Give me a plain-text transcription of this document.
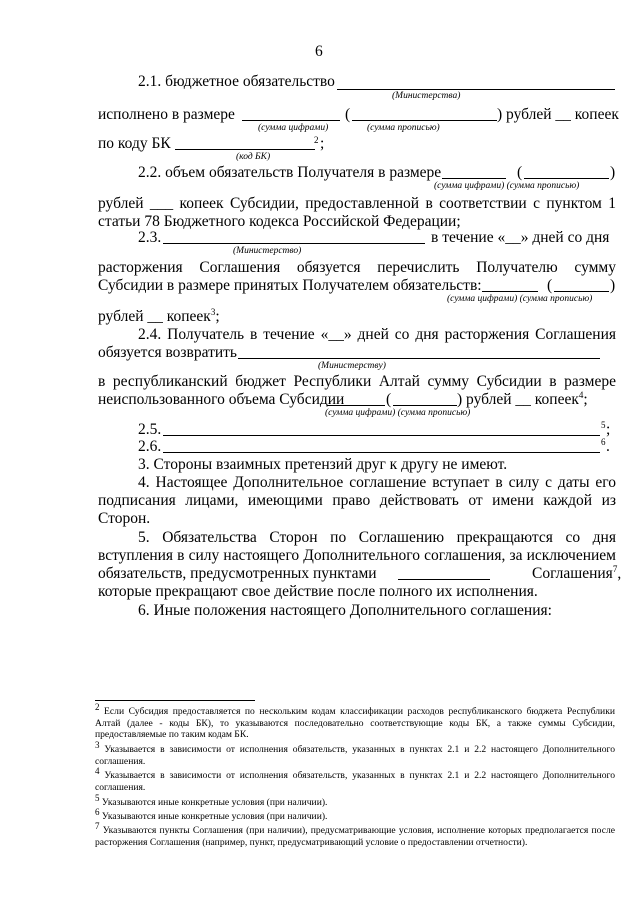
6
2.1. бюджетное обязательство
(Министерства)
исполнено в размере	(	) рублей __ копеек
(сумма цифрами)	(сумма прописью)
по коду БК	2 ;
(код БК)
2.2. объем обязательств Получателя в размере	(	)
(сумма цифрами) (сумма прописью)
рублей ___ копеек Субсидии, предоставленной в соответствии с пунктом 1
статьи 78 Бюджетного кодекса Российской Федерации;
2.3.	в течение «__» дней со дня
(Министерство)
расторжения Соглашения обязуется перечислить Получателю сумму
Субсидии в размере принятых Получателем обязательств:	(	)
(сумма цифрами) (сумма прописью)
рублей __ копеек$^3$;
2.4. Получатель в течение «__» дней со дня расторжения Соглашения
обязуется возвратить
(Министерству)
в республиканский бюджет Республики Алтай сумму Субсидии в размере
неиспользованного объема Субсидии	(	) рублей __ копеек$^4$;
(сумма цифрами) (сумма прописью)
2.5.	5 ;
2.6.	6 .
3. Стороны взаимных претензий друг к другу не имеют.
4. Настоящее Дополнительное соглашение вступает в силу с даты его
подписания лицами, имеющими право действовать от имени каждой из
Сторон.
5. Обязательства Сторон по Соглашению прекращаются со дня
вступления в силу настоящего Дополнительного соглашения, за исключением
обязательств, предусмотренных пунктами	Соглашения$^7$,
которые прекращают свое действие после полного их исполнения.
6. Иные положения настоящего Дополнительного соглашения:
$^2$ Если Субсидия предоставляется по нескольким кодам классификации расходов республиканского бюджета Республики Алтай (далее - коды БК), то указываются последовательно соответствующие коды БК, а также суммы Субсидии, предоставляемые по таким кодам БК.
$^3$ Указывается в зависимости от исполнения обязательств, указанных в пунктах 2.1 и 2.2 настоящего Дополнительного соглашения.
$^4$ Указывается в зависимости от исполнения обязательств, указанных в пунктах 2.1 и 2.2 настоящего Дополнительного соглашения.
$^5$ Указываются иные конкретные условия (при наличии).
$^6$ Указываются иные конкретные условия (при наличии).
$^7$ Указываются пункты Соглашения (при наличии), предусматривающие условия, исполнение которых предполагается после расторжения Соглашения (например, пункт, предусматривающий условие о предоставлении отчетности).
